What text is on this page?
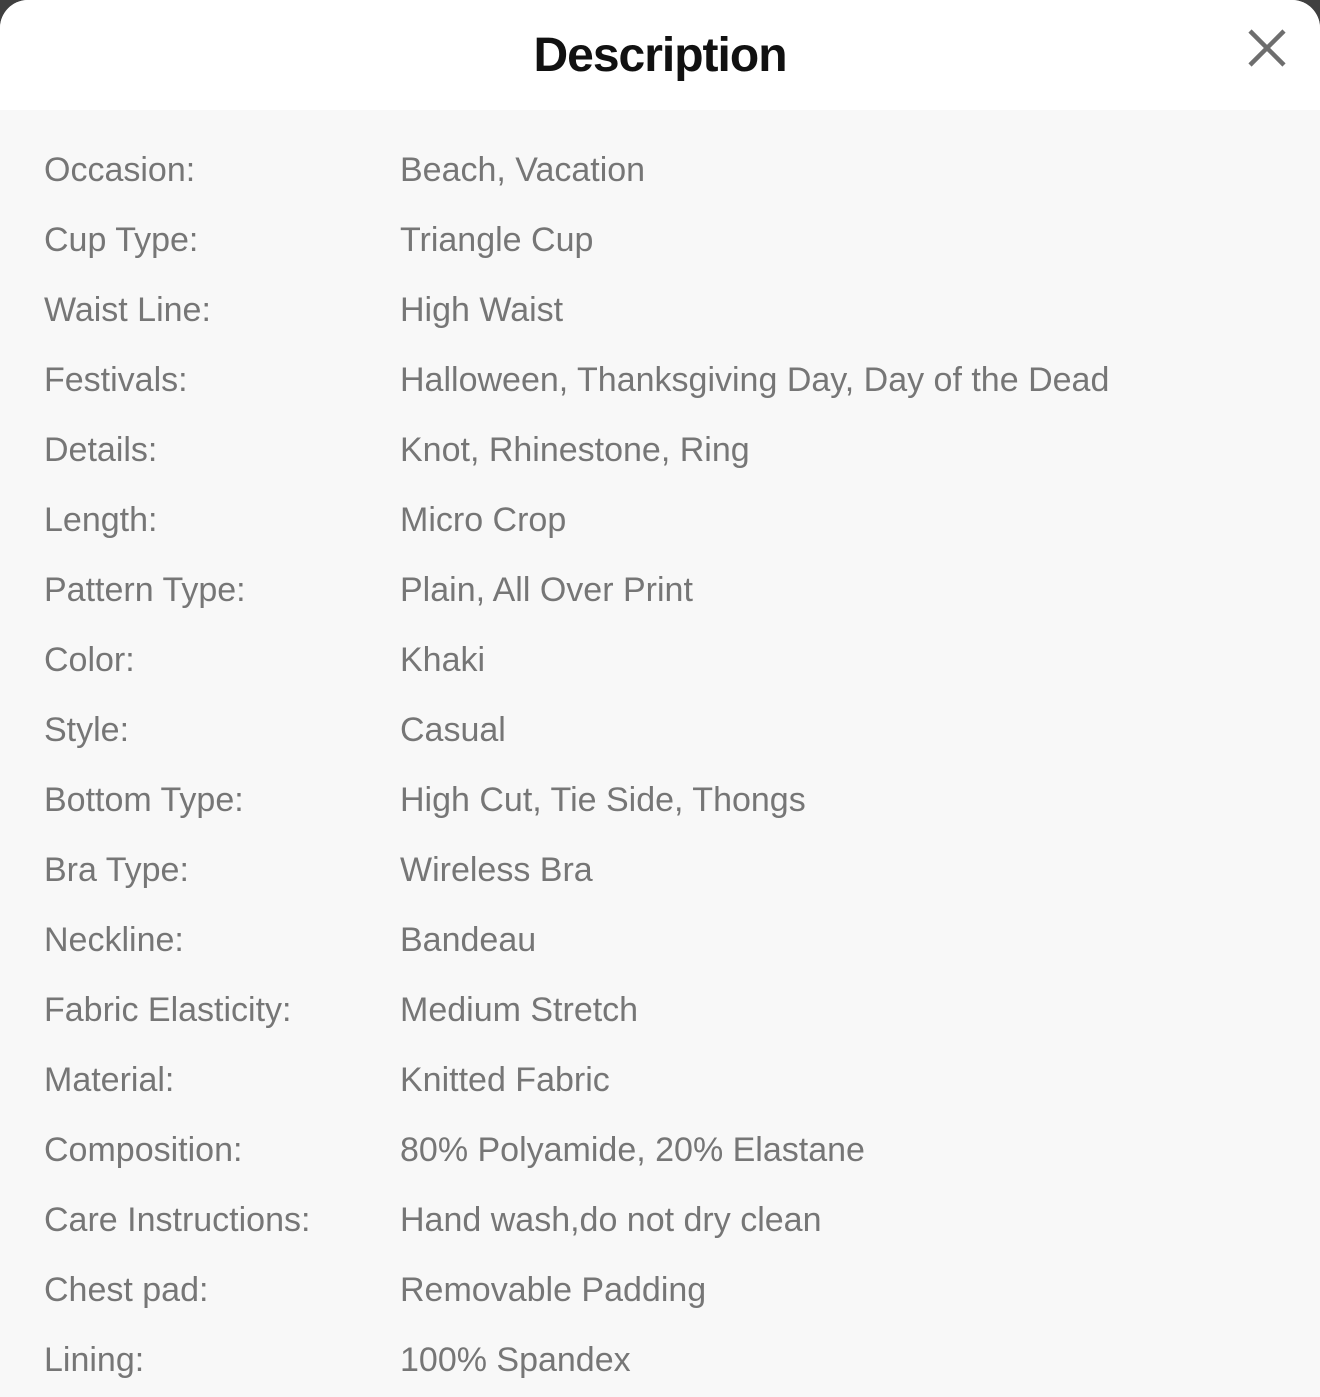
Description
Occasion:	Beach, Vacation
Cup Type:	Triangle Cup
Waist Line:	High Waist
Festivals:	Halloween, Thanksgiving Day, Day of the Dead
Details:	Knot, Rhinestone, Ring
Length:	Micro Crop
Pattern Type:	Plain, All Over Print
Color:	Khaki
Style:	Casual
Bottom Type:	High Cut, Tie Side, Thongs
Bra Type:	Wireless Bra
Neckline:	Bandeau
Fabric Elasticity:	Medium Stretch
Material:	Knitted Fabric
Composition:	80% Polyamide, 20% Elastane
Care Instructions:	Hand wash,do not dry clean
Chest pad:	Removable Padding
Lining:	100% Spandex
